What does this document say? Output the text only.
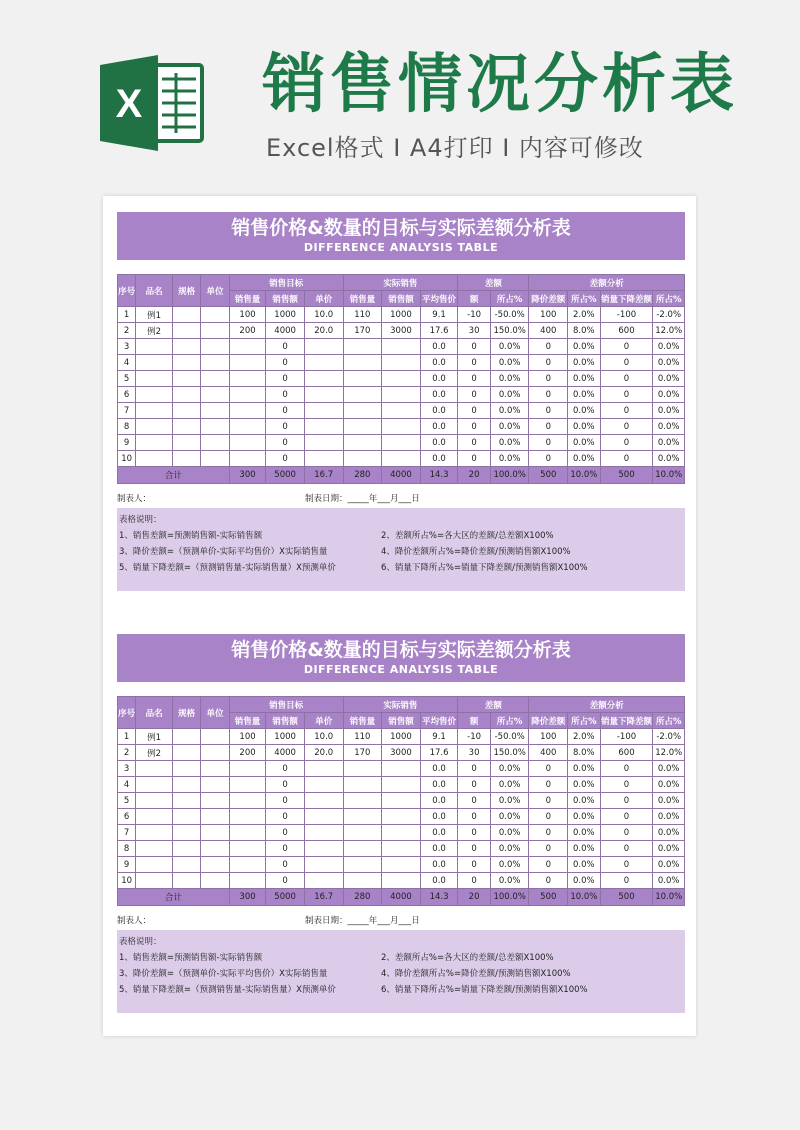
X 销售情况分析表
Excel格式 I A4打印 I 内容可修改
销售价格&数量的目标与实际差额分析表
DIFFERENCE ANALYSIS TABLE
序号	品名	规格	单位	销售目标			实际销售			差额		差额分析			
				销售量	销售额	单价	销售量	销售额	平均售价	额	所占%	降价差额	所占%	销量下降差额	所占%
1	例1			100	1000	10.0	110	1000	9.1	-10	-50.0%	100	2.0%	-100	-2.0%
2	例2			200	4000	20.0	170	3000	17.6	30	150.0%	400	8.0%	600	12.0%
3					0				0.0	0	0.0%	0	0.0%	0	0.0%
4					0				0.0	0	0.0%	0	0.0%	0	0.0%
5					0				0.0	0	0.0%	0	0.0%	0	0.0%
6					0				0.0	0	0.0%	0	0.0%	0	0.0%
7					0				0.0	0	0.0%	0	0.0%	0	0.0%
8					0				0.0	0	0.0%	0	0.0%	0	0.0%
9					0				0.0	0	0.0%	0	0.0%	0	0.0%
10					0				0.0	0	0.0%	0	0.0%	0	0.0%
合计				300	5000	16.7	280	4000	14.3	20	100.0%	500	10.0%	500	10.0%
制表人：	制表日期：_____年___月___日
表格说明：
1、销售差额=预测销售额-实际销售额	2、差额所占%=各大区的差额/总差额X100%
3、降价差额=（预测单价-实际平均售价）X实际销售量	4、降价差额所占%=降价差额/预测销售额X100%
5、销量下降差额=（预测销售量-实际销售量）X预测单价	6、销量下降所占%=销量下降差额/预测销售额X100%
销售价格&数量的目标与实际差额分析表
DIFFERENCE ANALYSIS TABLE
序号	品名	规格	单位	销售目标			实际销售			差额		差额分析			
				销售量	销售额	单价	销售量	销售额	平均售价	额	所占%	降价差额	所占%	销量下降差额	所占%
1	例1			100	1000	10.0	110	1000	9.1	-10	-50.0%	100	2.0%	-100	-2.0%
2	例2			200	4000	20.0	170	3000	17.6	30	150.0%	400	8.0%	600	12.0%
3					0				0.0	0	0.0%	0	0.0%	0	0.0%
4					0				0.0	0	0.0%	0	0.0%	0	0.0%
5					0				0.0	0	0.0%	0	0.0%	0	0.0%
6					0				0.0	0	0.0%	0	0.0%	0	0.0%
7					0				0.0	0	0.0%	0	0.0%	0	0.0%
8					0				0.0	0	0.0%	0	0.0%	0	0.0%
9					0				0.0	0	0.0%	0	0.0%	0	0.0%
10					0				0.0	0	0.0%	0	0.0%	0	0.0%
合计				300	5000	16.7	280	4000	14.3	20	100.0%	500	10.0%	500	10.0%
制表人：	制表日期：_____年___月___日
表格说明：
1、销售差额=预测销售额-实际销售额	2、差额所占%=各大区的差额/总差额X100%
3、降价差额=（预测单价-实际平均售价）X实际销售量	4、降价差额所占%=降价差额/预测销售额X100%
5、销量下降差额=（预测销售量-实际销售量）X预测单价	6、销量下降所占%=销量下降差额/预测销售额X100%
